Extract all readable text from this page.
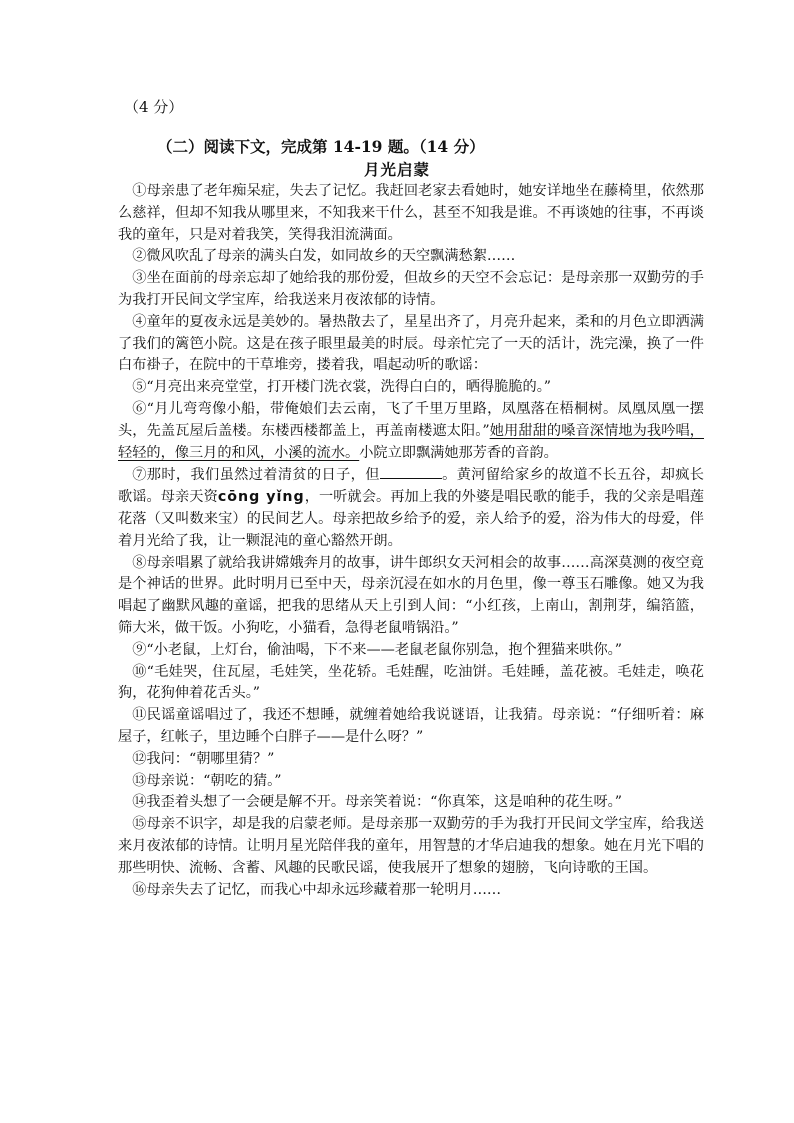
（4 分）
（二）阅读下文，完成第 14-19 题。（14 分）
月光启蒙

①母亲患了老年痴呆症，失去了记忆。我赶回老家去看她时，她安详地坐在藤椅里，依然那么慈祥，但却不知我从哪里来，不知我来干什么，甚至不知我是谁。不再谈她的往事，不再谈我的童年，只是对着我笑，笑得我泪流满面。

②微风吹乱了母亲的满头白发，如同故乡的天空飘满愁絮……

③坐在面前的母亲忘却了她给我的那份爱，但故乡的天空不会忘记：是母亲那一双勤劳的手为我打开民间文学宝库，给我送来月夜浓郁的诗情。

④童年的夏夜永远是美妙的。暑热散去了，星星出齐了，月亮升起来，柔和的月色立即洒满了我们的篱笆小院。这是在孩子眼里最美的时辰。母亲忙完了一天的活计，洗完澡，换了一件白布褂子，在院中的干草堆旁，搂着我，唱起动听的歌谣：

⑤“月亮出来亮堂堂，打开楼门洗衣裳，洗得白白的，晒得脆脆的。”

⑥“月儿弯弯像小船，带俺娘们去云南，飞了千里万里路，凤凰落在梧桐树。凤凰凤凰一摆头，先盖瓦屋后盖楼。东楼西楼都盖上，再盖南楼遮太阳。”她用甜甜的嗓音深情地为我吟唱，轻轻的，像三月的和风，小溪的流水。小院立即飘满她那芳香的音韵。

⑦那时，我们虽然过着清贫的日子，但	。黄河留给家乡的故道不长五谷，却疯长歌谣。母亲天资cōng yǐng，一听就会。再加上我的外婆是唱民歌的能手，我的父亲是唱莲花落（又叫数来宝）的民间艺人。母亲把故乡给予的爱，亲人给予的爱，浴为伟大的母爱，伴着月光给了我，让一颗混沌的童心豁然开朗。

⑧母亲唱累了就给我讲嫦娥奔月的故事，讲牛郎织女天河相会的故事……高深莫测的夜空竟是个神话的世界。此时明月已至中天，母亲沉浸在如水的月色里，像一尊玉石雕像。她又为我唱起了幽默风趣的童谣，把我的思绪从天上引到人间：“小红孩，上南山，割荆芽，编箔篮，筛大米，做干饭。小狗吃，小猫看，急得老鼠啃锅沿。”

⑨“小老鼠，上灯台，偷油喝，下不来——老鼠老鼠你别急，抱个狸猫来哄你。”

⑩“毛娃哭，住瓦屋，毛娃笑，坐花轿。毛娃醒，吃油饼。毛娃睡，盖花被。毛娃走，唤花狗，花狗伸着花舌头。”

⑪民谣童谣唱过了，我还不想睡，就缠着她给我说谜语，让我猜。母亲说：“仔细听着：麻屋子，红帐子，里边睡个白胖子——是什么呀？”

⑫我问：“朝哪里猜？”

⑬母亲说：“朝吃的猜。”

⑭我歪着头想了一会硬是解不开。母亲笑着说：“你真笨，这是咱种的花生呀。”

⑮母亲不识字，却是我的启蒙老师。是母亲那一双勤劳的手为我打开民间文学宝库，给我送来月夜浓郁的诗情。让明月星光陪伴我的童年，用智慧的才华启迪我的想象。她在月光下唱的那些明快、流畅、含蓄、风趣的民歌民谣，使我展开了想象的翅膀，飞向诗歌的王国。

⑯母亲失去了记忆，而我心中却永远珍藏着那一轮明月……
